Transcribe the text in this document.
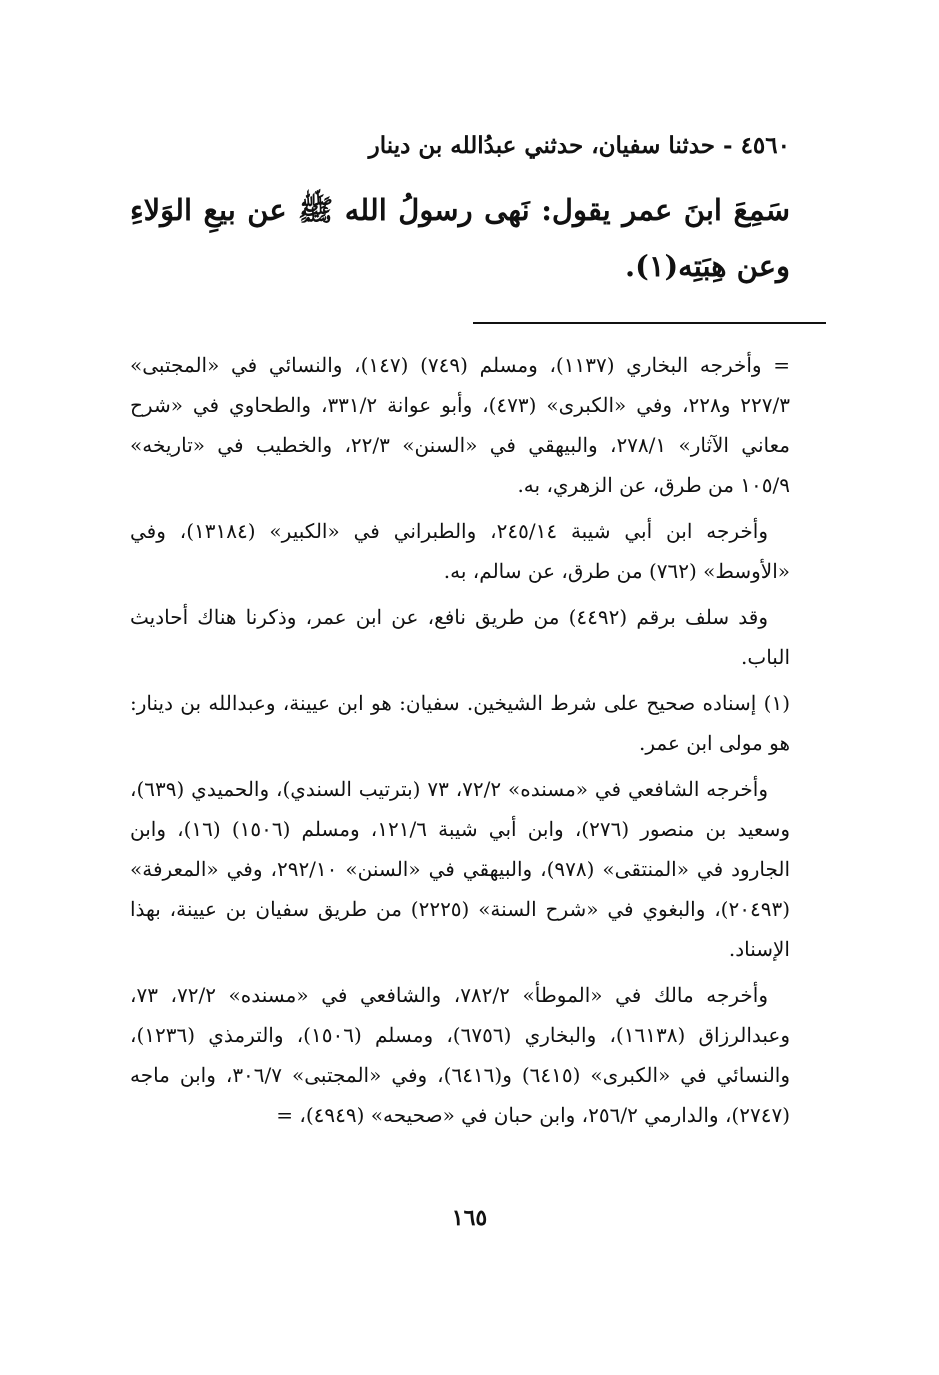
٤٥٦٠ - حدثنا سفيان، حدثني عبدُالله بن دينار
سَمِعَ ابنَ عمر يقول: نَهى رسولُ الله ﷺ عن بيعِ الوَلاءِ وعن هِبَتِه(١).

= وأخرجه البخاري (١١٣٧)، ومسلم (٧٤٩) (١٤٧)، والنسائي في «المجتبى» ٢٢٧/٣ و٢٢٨، وفي «الكبرى» (٤٧٣)، وأبو عوانة ٣٣١/٢، والطحاوي في «شرح معاني الآثار» ٢٧٨/١، والبيهقي في «السنن» ٢٢/٣، والخطيب في «تاريخه» ١٠٥/٩ من طرق، عن الزهري، به.

وأخرجه ابن أبي شيبة ٢٤٥/١٤، والطبراني في «الكبير» (١٣١٨٤)، وفي «الأوسط» (٧٦٢) من طرق، عن سالم، به.

وقد سلف برقم (٤٤٩٢) من طريق نافع، عن ابن عمر، وذكرنا هناك أحاديث الباب.

(١) إسناده صحيح على شرط الشيخين. سفيان: هو ابن عيينة، وعبدالله بن دينار: هو مولى ابن عمر.

وأخرجه الشافعي في «مسنده» ٧٢/٢، ٧٣ (بترتيب السندي)، والحميدي (٦٣٩)، وسعيد بن منصور (٢٧٦)، وابن أبي شيبة ١٢١/٦، ومسلم (١٥٠٦) (١٦)، وابن الجارود في «المنتقى» (٩٧٨)، والبيهقي في «السنن» ٢٩٢/١٠، وفي «المعرفة» (٢٠٤٩٣)، والبغوي في «شرح السنة» (٢٢٢٥) من طريق سفيان بن عيينة، بهذا الإسناد.

وأخرجه مالك في «الموطأ» ٧٨٢/٢، والشافعي في «مسنده» ٧٢/٢، ٧٣، وعبدالرزاق (١٦١٣٨)، والبخاري (٦٧٥٦)، ومسلم (١٥٠٦)، والترمذي (١٢٣٦)، والنسائي في «الكبرى» (٦٤١٥) و(٦٤١٦)، وفي «المجتبى» ٣٠٦/٧، وابن ماجه (٢٧٤٧)، والدارمي ٢٥٦/٢، وابن حبان في «صحيحه» (٤٩٤٩)، =

١٦٥
